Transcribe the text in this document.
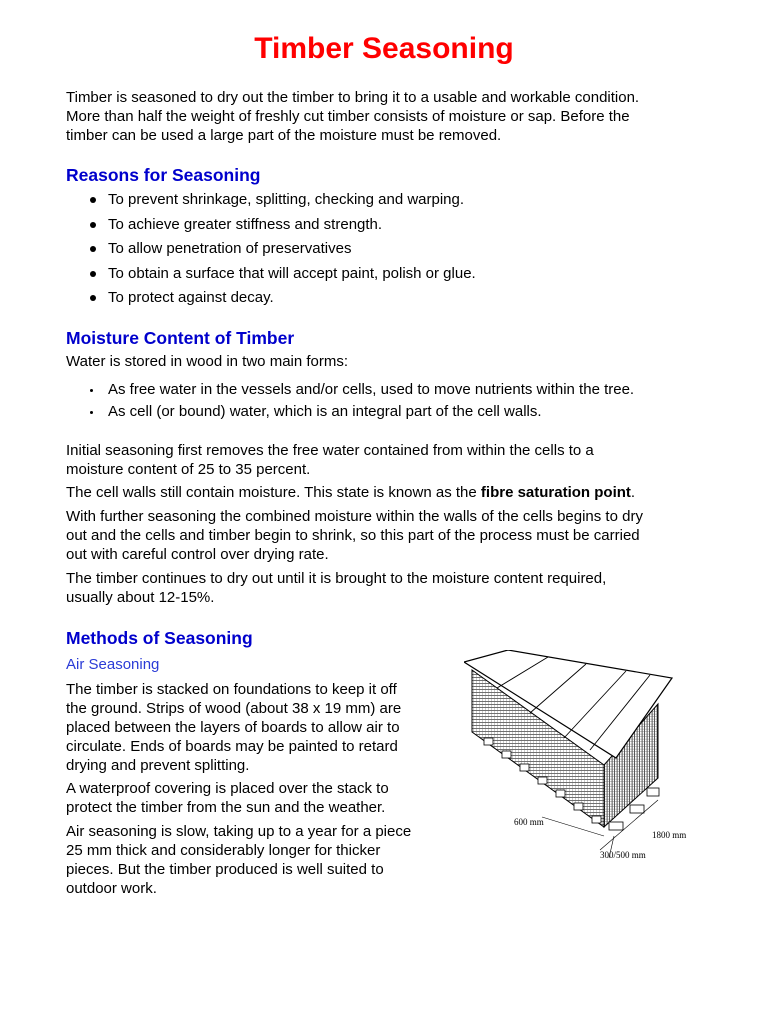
Timber Seasoning

Timber is seasoned to dry out the timber to bring it to a usable and workable condition.

More than half the weight of freshly cut timber consists of moisture or sap. Before the

timber can be used a large part of the moisture must be removed.

Reasons for Seasoning
To prevent shrinkage, splitting, checking and warping.
To achieve greater stiffness and strength.
To allow penetration of preservatives
To obtain a surface that will accept paint, polish or glue.
To protect against decay.
Moisture Content of Timber

Water is stored in wood in two main forms:

As free water in the vessels and/or cells, used to move nutrients within the tree.
As cell (or bound) water, which is an integral part of the cell walls.

Initial seasoning first removes the free water contained from within the cells to a

moisture content of 25 to 35 percent.

The cell walls still contain moisture. This state is known as the fibre saturation point.

With further seasoning the combined moisture within the walls of the cells begins to dry

out and the cells and timber begin to shrink, so this part of the process must be carried

out with careful control over drying rate.

The timber continues to dry out until it is brought to the moisture content required,

usually about 12-15%.

Methods of Seasoning
Air Seasoning

The timber is stacked on foundations to keep it off

the ground. Strips of wood (about 38 x 19 mm) are

placed between the layers of boards to allow air to

circulate. Ends of boards may be painted to retard

drying and prevent splitting.

A waterproof covering is placed over the stack to

protect the timber from the sun and the weather.

Air seasoning is slow, taking up to a year for a piece

25 mm thick and considerably longer for thicker

pieces. But the timber produced is well suited to

outdoor work.

600 mm
1800 mm
300/500 mm
